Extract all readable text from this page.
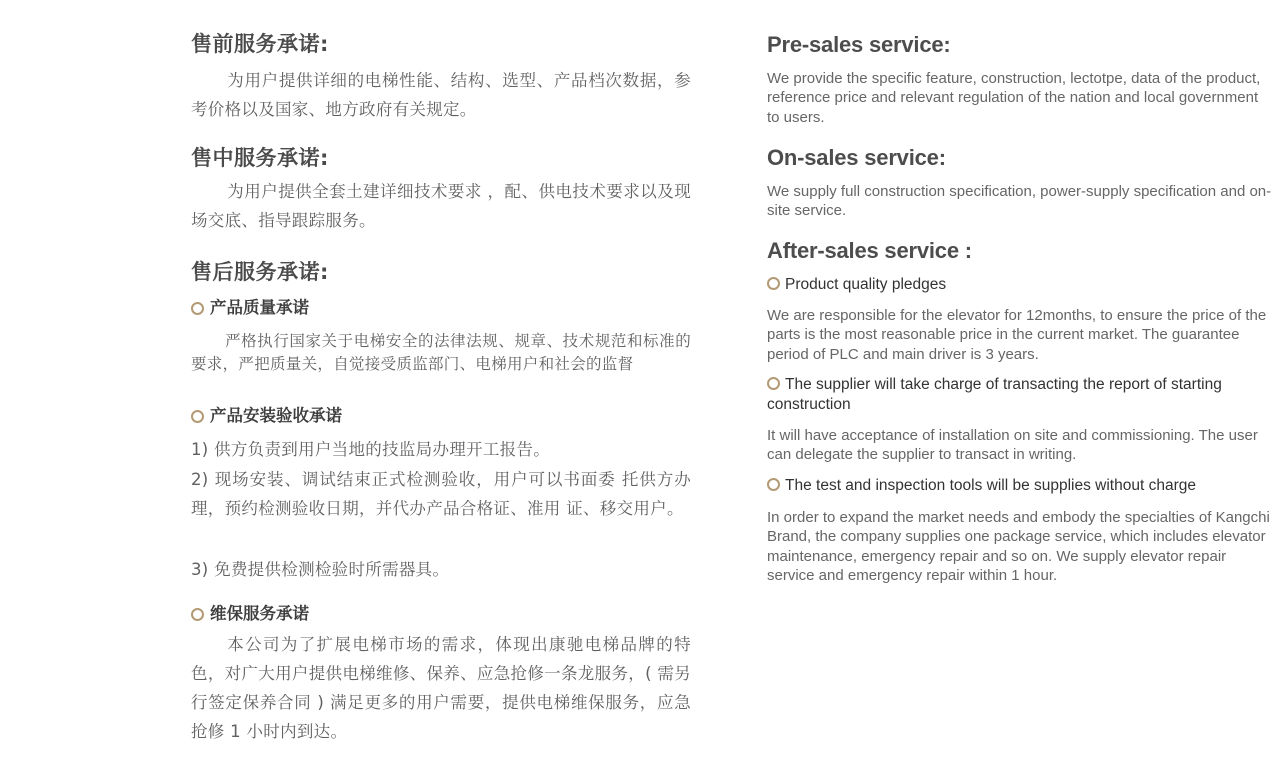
售前服务承诺:

为用户提供详细的电梯性能、结构、选型、产品档次数据，参考价格以及国家、地方政府有关规定。

售中服务承诺:

为用户提供全套土建详细技术要求 ，配、供电技术要求以及现场交底、指导跟踪服务。

售后服务承诺:
产品质量承诺

严格执行国家关于电梯安全的法律法规、规章、技术规范和标准的要求，严把质量关，自觉接受质监部门、电梯用户和社会的监督

产品安装验收承诺

1) 供方负责到用户当地的技监局办理开工报告。

2) 现场安装、调试结束正式检测验收，用户可以书面委 托供方办理，预约检测验收日期，并代办产品合格证、准用 证、移交用户。

3) 免费提供检测检验时所需器具。

维保服务承诺

本公司为了扩展电梯市场的需求，体现出康驰电梯品牌的特色，对广大用户提供电梯维修、保养、应急抢修一条龙服务，( 需另行签定保养合同 ) 满足更多的用户需要，提供电梯维保服务，应急抢修 1 小时内到达。

Pre-sales service:

We provide the specific feature, construction, lectotpe, data of the product, reference price and relevant regulation of the nation and local government to users.

On-sales service:

We supply full construction specification, power-supply specification and on-site service.

After-sales service :
Product quality pledges

We are responsible for the elevator for 12months, to ensure the price of the parts is the most reasonable price in the current market. The guarantee period of PLC and main driver is 3 years.

The supplier will take charge of transacting the report of starting construction

It will have acceptance of installation on site and commissioning. The user can delegate the supplier to transact in writing.

The test and inspection tools will be supplies without charge

In order to expand the market needs and embody the specialties of Kangchi Brand, the company supplies one package service, which includes elevator maintenance, emergency repair and so on. We supply elevator repair service and emergency repair within 1 hour.
